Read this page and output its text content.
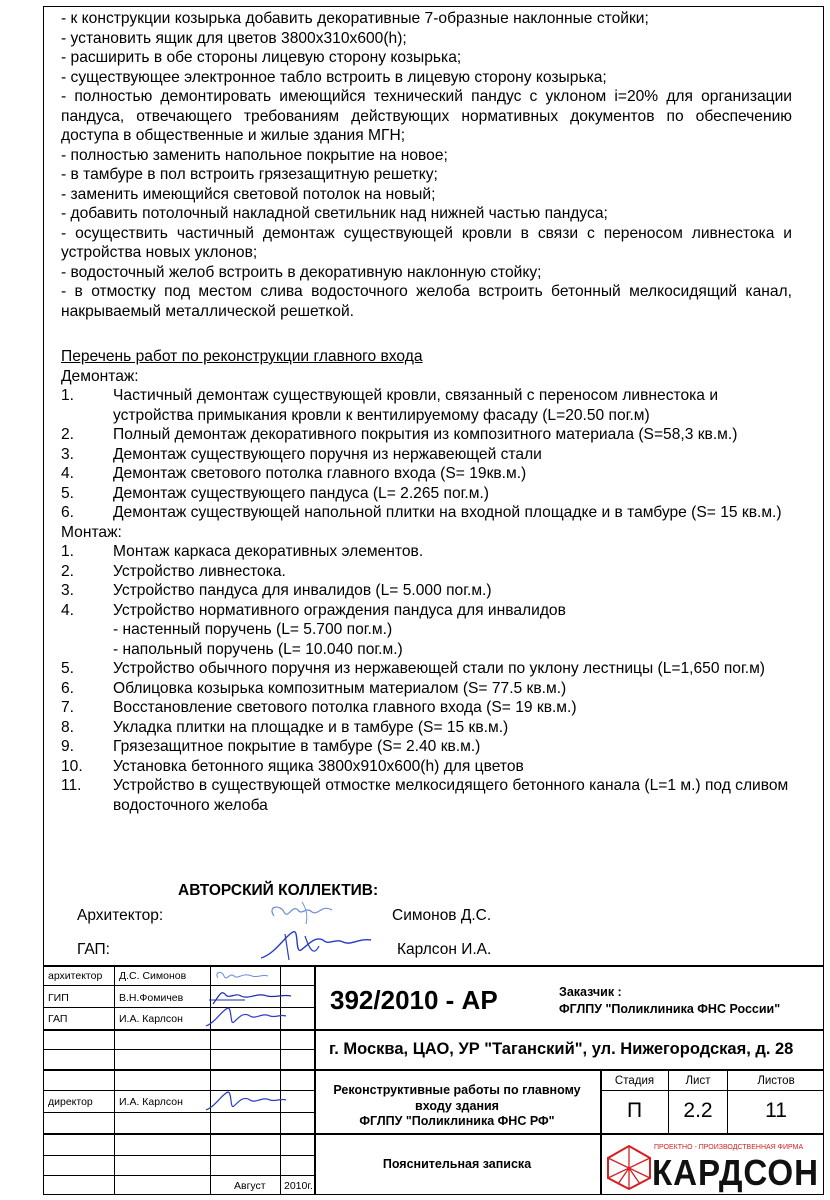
- к конструкции козырька добавить декоративные 7-образные наклонные стойки;

- установить ящик для цветов 3800х310х600(h);

- расширить в обе стороны лицевую сторону козырька;

- существующее электронное табло встроить в лицевую сторону козырька;

- полностью демонтировать имеющийся технический пандус с уклоном i=20% для организации пандуса, отвечающего требованиям действующих нормативных документов по обеспечению доступа в общественные и жилые здания МГН;

- полностью заменить напольное покрытие на новое;

- в тамбуре в пол встроить грязезащитную решетку;

- заменить имеющийся световой потолок на новый;

- добавить потолочный накладной светильник над нижней частью пандуса;

- осуществить частичный демонтаж существующей кровли в связи с переносом ливнестока и устройства новых уклонов;

- водосточный желоб встроить в декоративную наклонную стойку;

- в отмостку под местом слива водосточного желоба встроить бетонный мелкосидящий канал, накрываемый металлической решеткой.

Перечень работ по реконструкции главного входа

Демонтаж:

1.	Частичный демонтаж существующей кровли, связанный с переносом ливнестока и устройства примыкания кровли к вентилируемому фасаду (L=20.50 пог.м)
2.	Полный демонтаж декоративного покрытия из композитного материала (S=58,3 кв.м.)
3.	Демонтаж существующего поручня из нержавеющей стали
4.	Демонтаж светового потолка главного входа (S= 19кв.м.)
5.	Демонтаж существующего пандуса (L= 2.265 пог.м.)
6.	Демонтаж существующей напольной плитки на входной площадке и в тамбуре (S= 15 кв.м.)

Монтаж:

1.	Монтаж каркаса декоративных элементов.
2.	Устройство ливнестока.
3.	Устройство пандуса для инвалидов (L= 5.000 пог.м.)
4.	Устройство нормативного ограждения пандуса для инвалидов
- настенный поручень (L= 5.700 пог.м.)
- напольный поручень (L= 10.040 пог.м.)
5.	Устройство обычного поручня из нержавеющей стали по уклону лестницы (L=1,650 пог.м)
6.	Облицовка козырька композитным материалом (S= 77.5 кв.м.)
7.	Восстановление светового потолка главного входа (S= 19 кв.м.)
8.	Укладка плитки на площадке и в тамбуре (S= 15 кв.м.)
9.	Грязезащитное покрытие в тамбуре (S= 2.40 кв.м.)
10.	Установка бетонного ящика 3800х910х600(h) для цветов
11.	Устройство в существующей отмостке мелкосидящего бетонного канала (L=1 м.) под сливом водосточного желоба
АВТОРСКИЙ КОЛЛЕКТИВ:
Архитектор:	Симонов Д.С.
ГАП:	Карлсон И.А.
архитектор Д.С. Симонов
ГИП	В.Н.Фомичев
ГАП	И.А. Карлсон
директор И.А. Карлсон
Август 2010г.
392/2010 - АР	Заказчик :
ФГЛПУ "Поликлиника ФНС России"
г. Москва, ЦАО, УР "Таганский", ул. Нижегородская, д. 28
Реконструктивные работы по главному
входу здания
ФГЛПУ "Поликлиника ФНС РФ"
Пояснительная записка
Стадия	Лист	Листов
П	2.2	11
ПРОЕКТНО - ПРОИЗВОДСТВЕННАЯ ФИРМА
КАРДСОН
